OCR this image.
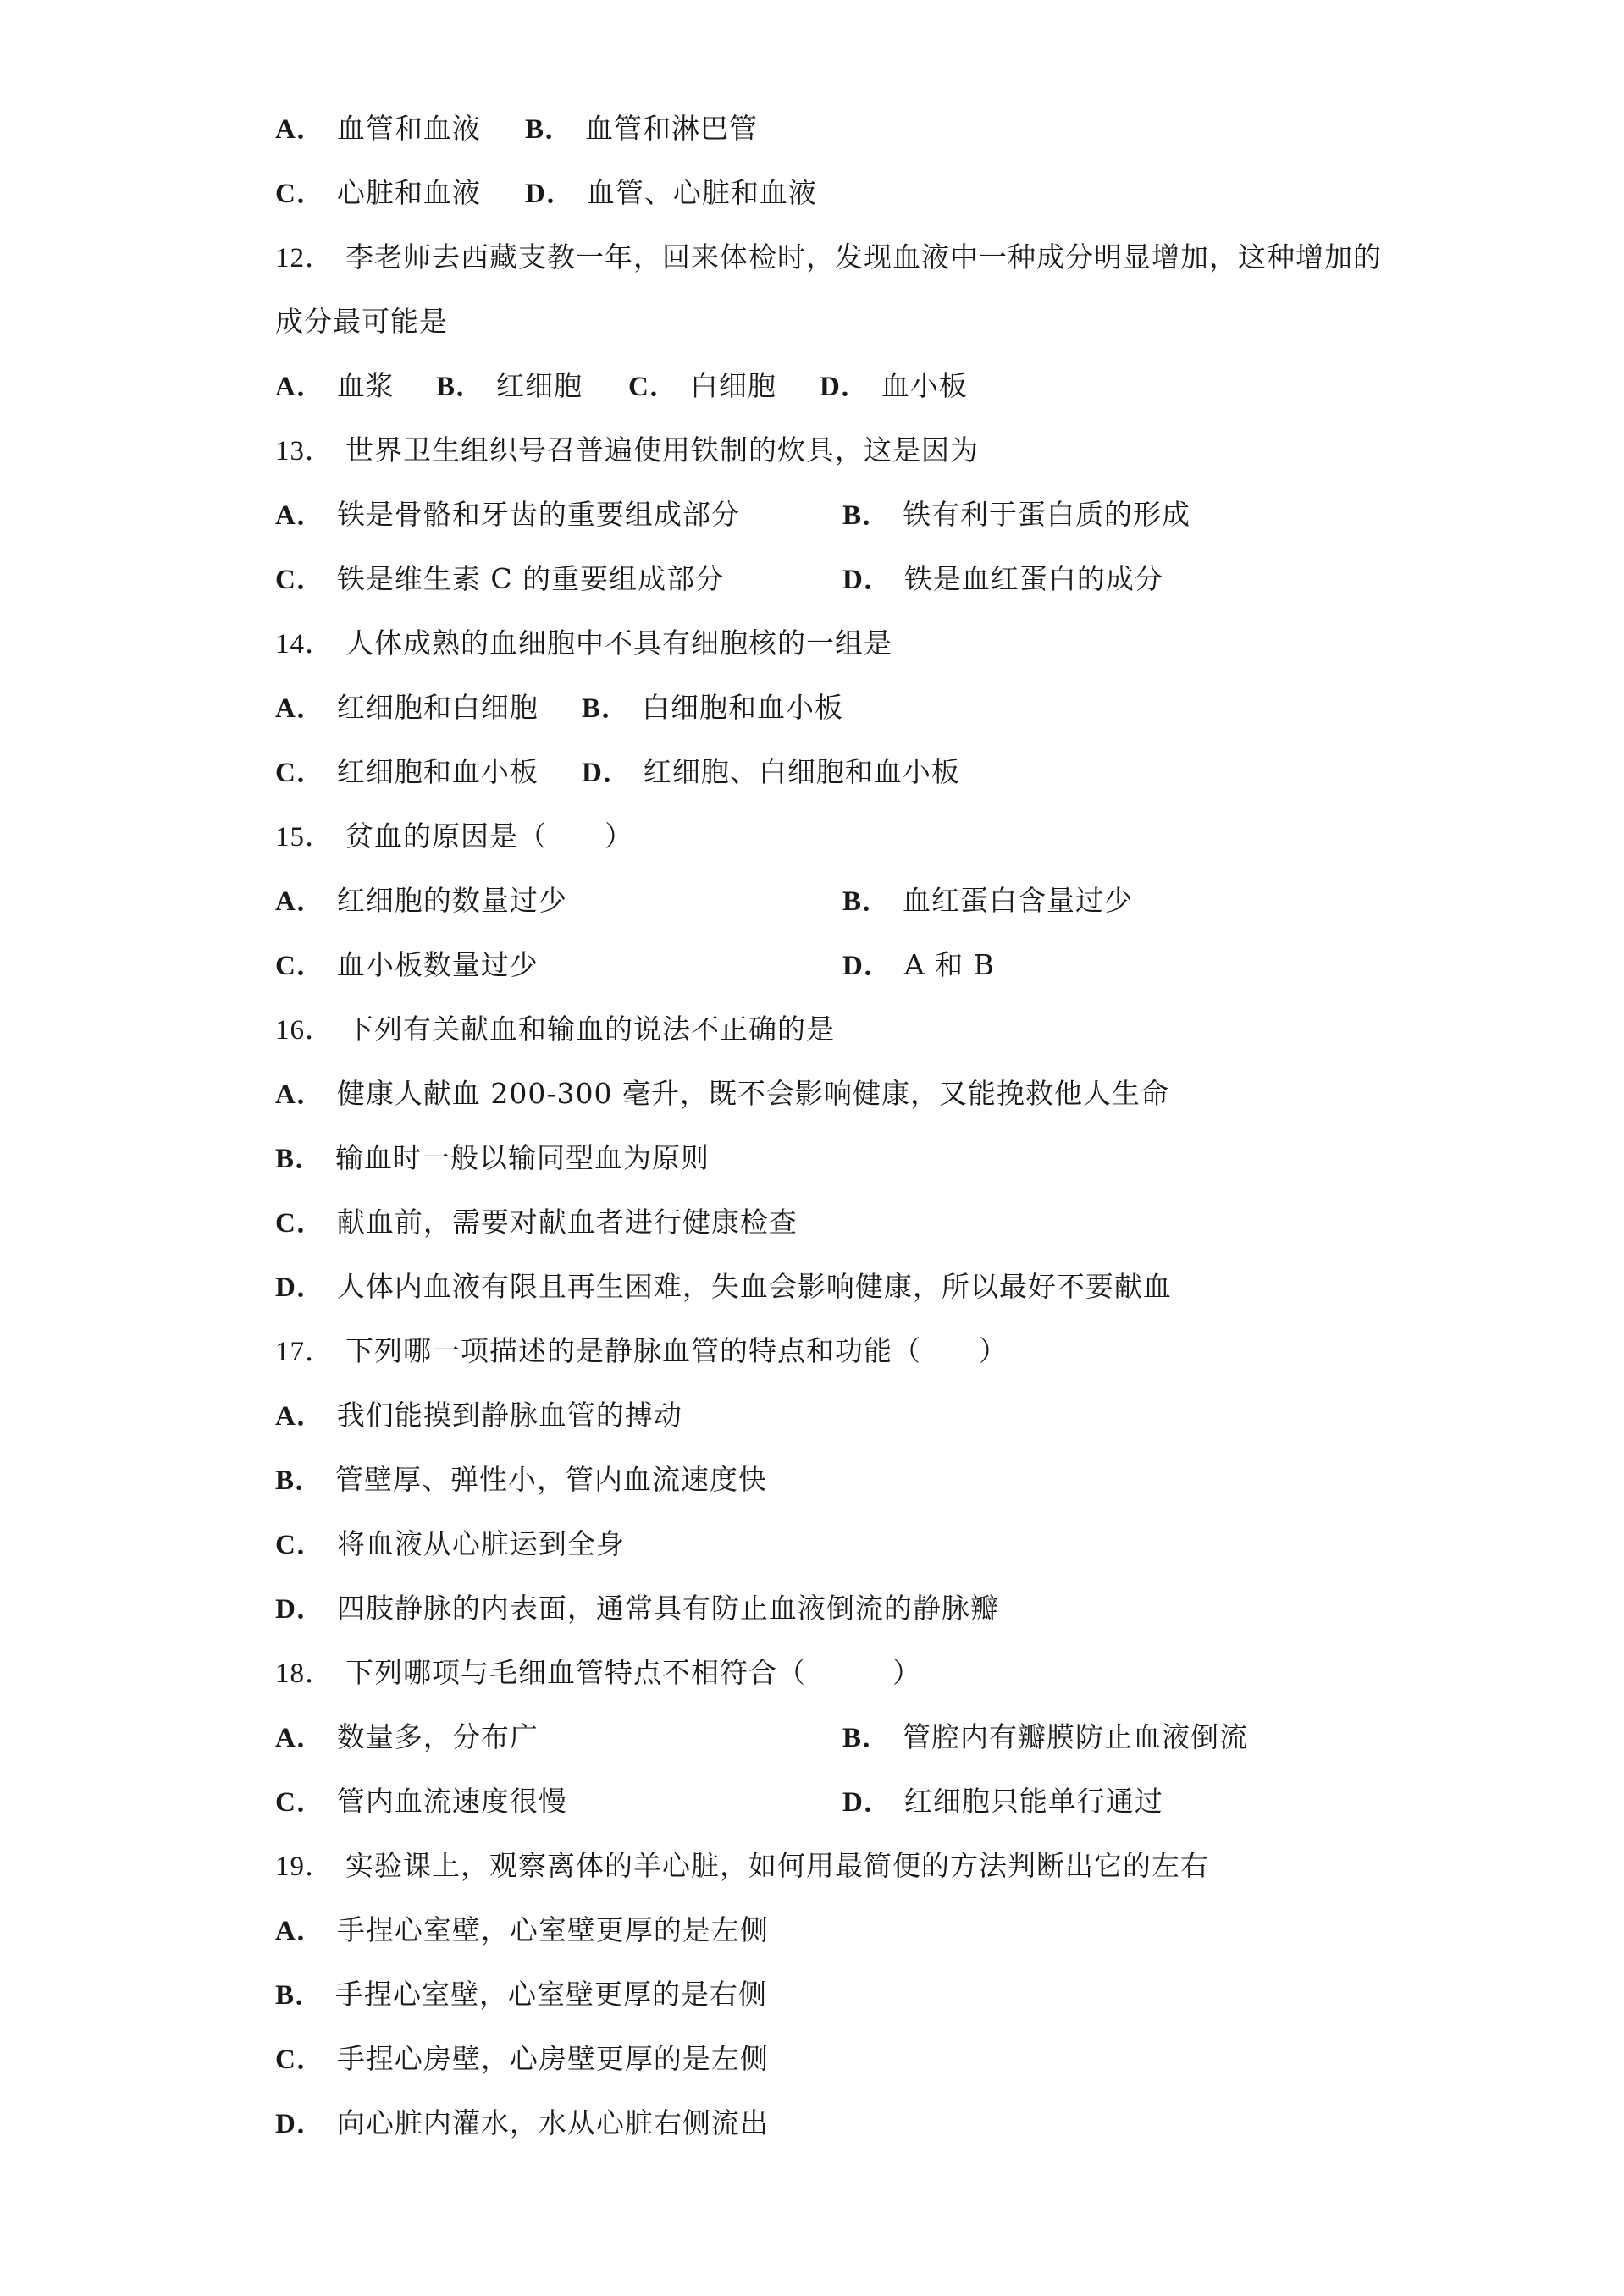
A． 血管和血液 B． 血管和淋巴管
C． 心脏和血液 D． 血管、心脏和血液
12． 李老师去西藏支教一年，回来体检时，发现血液中一种成分明显增加，这种增加的
成分最可能是
A． 血浆 B． 红细胞 C． 白细胞 D． 血小板
13． 世界卫生组织号召普遍使用铁制的炊具，这是因为
A． 铁是骨骼和牙齿的重要组成部分	B． 铁有利于蛋白质的形成
C． 铁是维生素 C 的重要组成部分	D． 铁是血红蛋白的成分
14． 人体成熟的血细胞中不具有细胞核的一组是
A． 红细胞和白细胞 B． 白细胞和血小板
C． 红细胞和血小板 D． 红细胞、白细胞和血小板
15． 贫血的原因是（　　）
A． 红细胞的数量过少	B． 血红蛋白含量过少
C． 血小板数量过少	D． A 和 B
16． 下列有关献血和输血的说法不正确的是
A． 健康人献血 200-300 毫升，既不会影响健康，又能挽救他人生命
B． 输血时一般以输同型血为原则
C． 献血前，需要对献血者进行健康检查
D． 人体内血液有限且再生困难，失血会影响健康，所以最好不要献血
17． 下列哪一项描述的是静脉血管的特点和功能（　　）
A． 我们能摸到静脉血管的搏动
B． 管壁厚、弹性小，管内血流速度快
C． 将血液从心脏运到全身
D． 四肢静脉的内表面，通常具有防止血液倒流的静脉瓣
18． 下列哪项与毛细血管特点不相符合（　　　）
A． 数量多，分布广	B． 管腔内有瓣膜防止血液倒流
C． 管内血流速度很慢	D． 红细胞只能单行通过
19． 实验课上，观察离体的羊心脏，如何用最简便的方法判断出它的左右
A． 手捏心室壁，心室壁更厚的是左侧
B． 手捏心室壁，心室壁更厚的是右侧
C． 手捏心房壁，心房壁更厚的是左侧
D． 向心脏内灌水，水从心脏右侧流出
